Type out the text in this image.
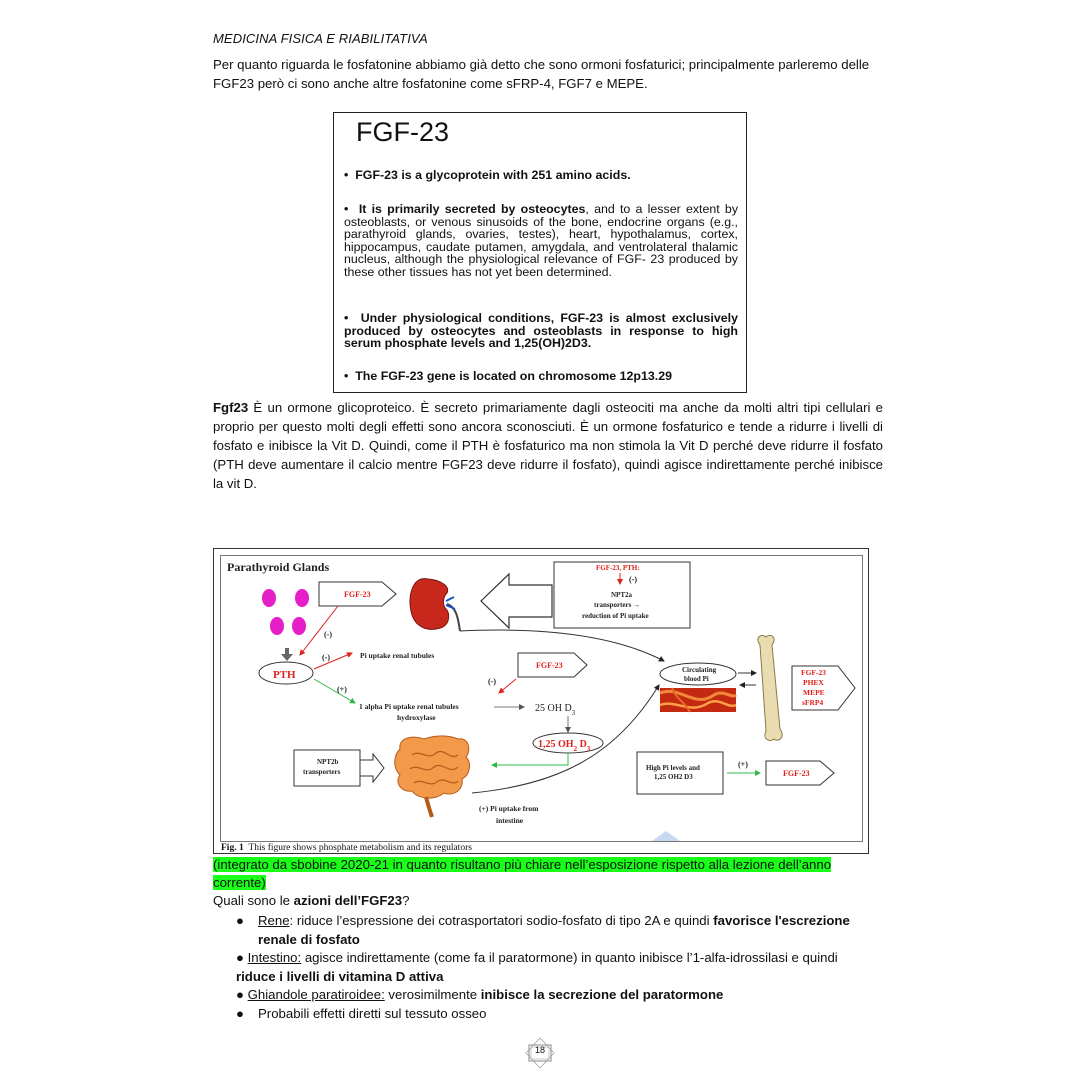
MEDICINA FISICA E RIABILITATIVA
Per quanto riguarda le fosfatonine abbiamo già detto che sono ormoni fosfaturici; principalmente parleremo delle FGF23 però ci sono anche altre fosfatonine come sFRP-4, FGF7 e MEPE.
FGF-23
•  FGF-23 is a glycoprotein with 251 amino acids.
•  It is primarily secreted by osteocytes, and to a lesser extent by osteoblasts, or venous sinusoids of the bone, endocrine organs (e.g., parathyroid glands, ovaries, testes), heart, hypothalamus, cortex, hippocampus, caudate putamen, amygdala, and ventrolateral thalamic nucleus, although the physiological relevance of FGF- 23 produced by these other tissues has not yet been determined.
•  Under physiological conditions, FGF-23 is almost exclusively produced by osteocytes and osteoblasts in response to high serum phosphate levels and 1,25(OH)2D3.
•  The FGF-23 gene is located on chromosome 12p13.29
Fgf23 È un ormone glicoproteico. È secreto primariamente dagli osteociti ma anche da molti altri tipi cellulari e proprio per questo molti degli effetti sono ancora sconosciuti. È un ormone fosfaturico e tende a ridurre i livelli di fosfato e inibisce la Vit D. Quindi, come il PTH è fosfaturico ma non stimola la Vit D perché deve ridurre il fosfato (PTH deve aumentare il calcio mentre FGF23 deve ridurre il fosfato), quindi agisce indirettamente perché inibisce la vit D.
Parathyroid Glands
FGF-23
FGF-23, PTH:
(-)
NPT2a
transporters →
reduction of Pi uptake
(-)
PTH
(-)	Pi uptake renal tubules
(+)
1 alpha Pi uptake renal tubules
hydroxylase
FGF-23
(-)
25 OH $D_3$
1,25 $OH_2$ $D_3$
(+) Pi uptake from
intestine
NPT2b
transporters
Circulating
blood Pi
FGF-23
PHEX
MEPE
sFRP4
High Pi levels and
1,25 OH2 D3
(+)
FGF-23
Fig. 1 This figure shows phosphate metabolism and its regulators
(integrato da sbobine 2020-21 in quanto risultano più chiare nell’esposizione rispetto alla lezione dell’anno corrente)
Quali sono le azioni dell’FGF23?
● Rene: riduce l’espressione dei cotrasportatori sodio-fosfato di tipo 2A e quindi favorisce l'escrezione renale di fosfato
● Intestino: agisce indirettamente (come fa il paratormone) in quanto inibisce l’1-alfa-idrossilasi e quindi riduce i livelli di vitamina D attiva
● Ghiandole paratiroidee: verosimilmente inibisce la secrezione del paratormone
● Probabili effetti diretti sul tessuto osseo
18
